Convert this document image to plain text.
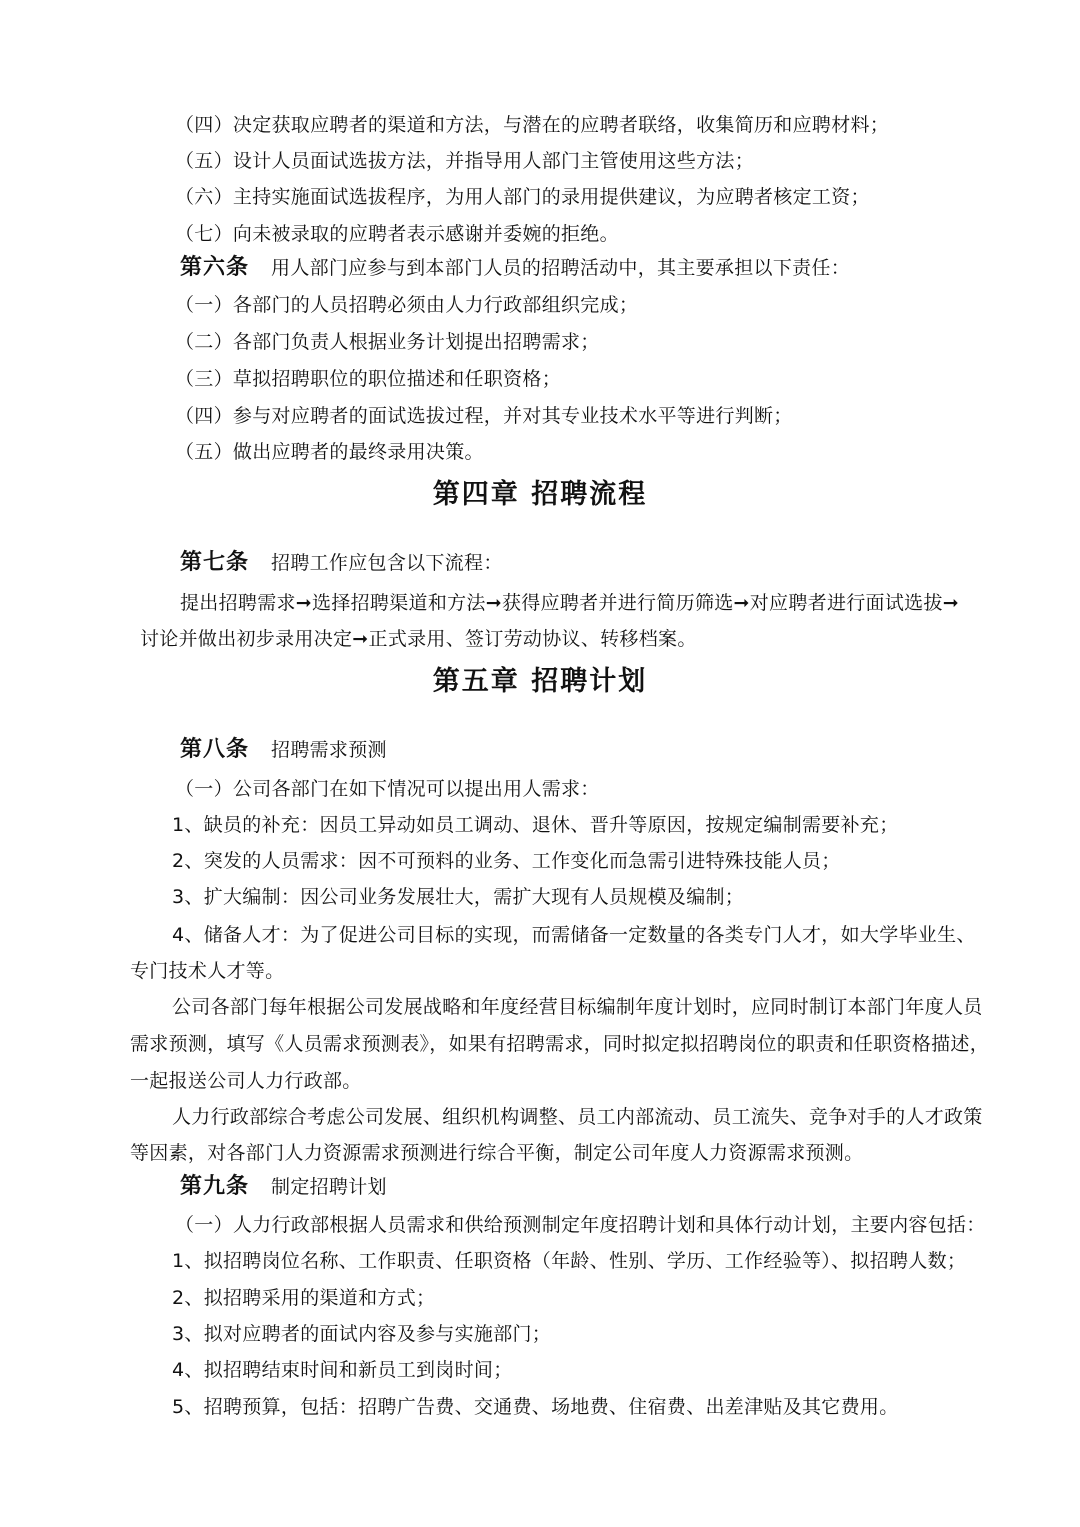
（四）决定获取应聘者的渠道和方法，与潜在的应聘者联络，收集简历和应聘材料；
（五）设计人员面试选拔方法，并指导用人部门主管使用这些方法；
（六）主持实施面试选拔程序，为用人部门的录用提供建议，为应聘者核定工资；
（七）向未被录取的应聘者表示感谢并委婉的拒绝。
第六条 用人部门应参与到本部门人员的招聘活动中，其主要承担以下责任：
（一）各部门的人员招聘必须由人力行政部组织完成；
（二）各部门负责人根据业务计划提出招聘需求；
（三）草拟招聘职位的职位描述和任职资格；
（四）参与对应聘者的面试选拔过程，并对其专业技术水平等进行判断；
（五）做出应聘者的最终录用决策。
第四章 招聘流程
第七条 招聘工作应包含以下流程：
提出招聘需求➞选择招聘渠道和方法➞获得应聘者并进行简历筛选➞对应聘者进行面试选拔➞
讨论并做出初步录用决定➞正式录用、签订劳动协议、转移档案。
第五章 招聘计划
第八条 招聘需求预测
（一）公司各部门在如下情况可以提出用人需求：
1、缺员的补充：因员工异动如员工调动、退休、晋升等原因，按规定编制需要补充；
2、突发的人员需求：因不可预料的业务、工作变化而急需引进特殊技能人员；
3、扩大编制：因公司业务发展壮大，需扩大现有人员规模及编制；
4、储备人才：为了促进公司目标的实现，而需储备一定数量的各类专门人才，如大学毕业生、
专门技术人才等。
公司各部门每年根据公司发展战略和年度经营目标编制年度计划时，应同时制订本部门年度人员
需求预测，填写《人员需求预测表》，如果有招聘需求，同时拟定拟招聘岗位的职责和任职资格描述，
一起报送公司人力行政部。
人力行政部综合考虑公司发展、组织机构调整、员工内部流动、员工流失、竞争对手的人才政策
等因素，对各部门人力资源需求预测进行综合平衡，制定公司年度人力资源需求预测。
第九条 制定招聘计划
（一）人力行政部根据人员需求和供给预测制定年度招聘计划和具体行动计划，主要内容包括：
1、拟招聘岗位名称、工作职责、任职资格（年龄、性别、学历、工作经验等）、拟招聘人数；
2、拟招聘采用的渠道和方式；
3、拟对应聘者的面试内容及参与实施部门；
4、拟招聘结束时间和新员工到岗时间；
5、招聘预算，包括：招聘广告费、交通费、场地费、住宿费、出差津贴及其它费用。
